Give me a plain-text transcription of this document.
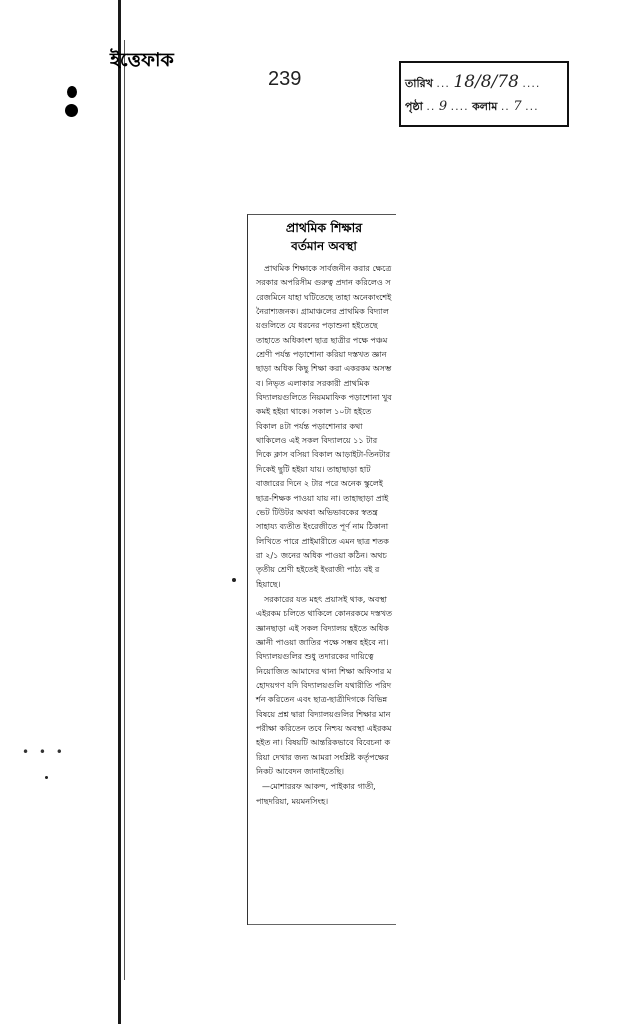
• • •
ইত্তেফাক
239	তারিখ ... 18/8/78 ....
পৃষ্ঠা .. 9 .... কলাম .. 7 ...
প্রাথমিক শিক্ষার
বর্তমান অবস্থা

প্রাথমিক শিক্ষাকে সার্বজনীন করার ক্ষেত্রে সরকার অপরিসীম গুরুত্ব প্রদান করিলেও সরেজমিনে যাহা ঘটিতেছে তাহা অনেকাংশেই নৈরাশ্যজনক। গ্রামাঞ্চলের প্রাথমিক বিদ্যালয়গুলিতে যে ধরনের পড়াশুনা হইতেছে তাহাতে অধিকাংশ ছাত্র ছাত্রীর পক্ষে পঞ্চমশ্রেণী পর্যন্ত পড়াশোনা করিয়া দস্তখত জ্ঞান ছাড়া অধিক কিছু শিক্ষা করা একরকম অসম্ভব। নিভৃত এলাকার সরকারী প্রাথমিক বিদ্যালয়গুলিতে নিয়মমাফিক পড়াশোনা খুব কমই হইয়া থাকে। সকাল ১০টা হইতে বিকাল ৪টা পর্যন্ত পড়াশোনার কথা থাকিলেও এই সকল বিদ্যালয়ে ১১ টার দিকে ক্লাস বসিয়া বিকাল আড়াইটা-তিনটার দিকেই ছুটি হইয়া যায়। তাহাছাড়া হাটবাজারের দিনে ২ টার পরে অনেক স্কুলেই ছাত্র-শিক্ষক পাওয়া যায় না। তাহাছাড়া প্রাইভেট টিউটর অথবা অভিভাবকের স্বতন্ত্র সাহায্য ব্যতীত ইংরেজীতে পূর্ণ নাম ঠিকানা লিখিতে পারে প্রাইমারীতে এমন ছাত্র শতকরা ২/১ জনের অধিক পাওয়া কঠিন। অথচ তৃতীয় শ্রেণী হইতেই ইংরাজী পাঠ্য বই রহিয়াছে।

সরকারের যত মহৎ প্রয়াসই থাক, অবস্থা এইরকম চলিতে থাকিলে কোনরকমে দস্তখত জ্ঞানছাড়া এই সকল বিদ্যালয় হইতে অধিক জ্ঞানী পাওয়া জাতির পক্ষে সম্ভব হইবে না। বিদ্যালয়গুলির শুধু তদারকের দায়িত্বে নিয়োজিত আমাদের থানা শিক্ষা অফিসার মহোদয়গণ যদি বিদ্যালয়গুলি যথারীতি পরিদর্শন করিতেন এবং ছাত্র-ছাত্রীদিগকে বিভিন্ন বিষয়ে প্রশ্ন দ্বারা বিদ্যালয়গুলির শিক্ষার মান পরীক্ষা করিতেন তবে নিশ্চয় অবস্থা এইরকম হইত না। বিষয়টি আন্তরিকভাবে বিবেচনা করিয়া দেখার জন্য আমরা সংশ্লিষ্ট কর্তৃপক্ষের নিকট আবেদন জানাইতেছি।

—মোশাররফ আকন্দ, পাইকার গাতী, পাছদরিয়া, ময়মনসিংহ।
